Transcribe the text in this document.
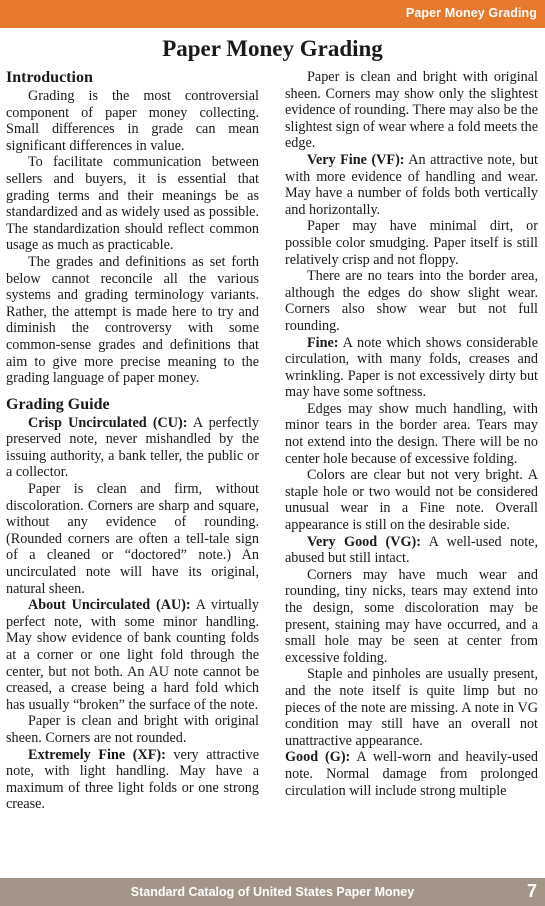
Paper Money Grading
Paper Money Grading
Introduction

Grading is the most controversial component of paper money collecting. Small differences in grade can mean significant differences in value.

To facilitate communication between sellers and buyers, it is essential that grading terms and their meanings be as standardized and as widely used as possible. The standardization should reflect common usage as much as practicable.

The grades and definitions as set forth below cannot reconcile all the various systems and grading terminology variants. Rather, the attempt is made here to try and diminish the controversy with some common-sense grades and definitions that aim to give more precise meaning to the grading language of paper money.

Grading Guide

Crisp Uncirculated (CU): A perfectly preserved note, never mishandled by the issuing authority, a bank teller, the public or a collector.

Paper is clean and firm, without discoloration. Corners are sharp and square, without any evidence of rounding. (Rounded corners are often a tell-tale sign of a cleaned or “doctored” note.) An uncirculated note will have its original, natural sheen.

About Uncirculated (AU): A virtually perfect note, with some minor handling. May show evidence of bank counting folds at a corner or one light fold through the center, but not both. An AU note cannot be creased, a crease being a hard fold which has usually “broken” the surface of the note.

Paper is clean and bright with original sheen. Corners are not rounded.

Extremely Fine (XF): very attractive note, with light handling. May have a maximum of three light folds or one strong crease.

Paper is clean and bright with original sheen. Corners may show only the slightest evidence of rounding. There may also be the slightest sign of wear where a fold meets the edge.

Very Fine (VF): An attractive note, but with more evidence of handling and wear. May have a number of folds both vertically and horizontally.

Paper may have minimal dirt, or possible color smudging. Paper itself is still relatively crisp and not floppy.

There are no tears into the border area, although the edges do show slight wear. Corners also show wear but not full rounding.

Fine: A note which shows considerable circulation, with many folds, creases and wrinkling. Paper is not excessively dirty but may have some softness.

Edges may show much handling, with minor tears in the border area. Tears may not extend into the design. There will be no center hole because of excessive folding.

Colors are clear but not very bright. A staple hole or two would not be considered unusual wear in a Fine note. Overall appearance is still on the desirable side.

Very Good (VG): A well-used note, abused but still intact.

Corners may have much wear and rounding, tiny nicks, tears may extend into the design, some discoloration may be present, staining may have occurred, and a small hole may be seen at center from excessive folding.

Staple and pinholes are usually present, and the note itself is quite limp but no pieces of the note are missing. A note in VG condition may still have an overall not unattractive appearance.

Good (G): A well-worn and heavily-used note. Normal damage from prolonged circulation will include strong multiple

Standard Catalog of United States Paper Money	7
